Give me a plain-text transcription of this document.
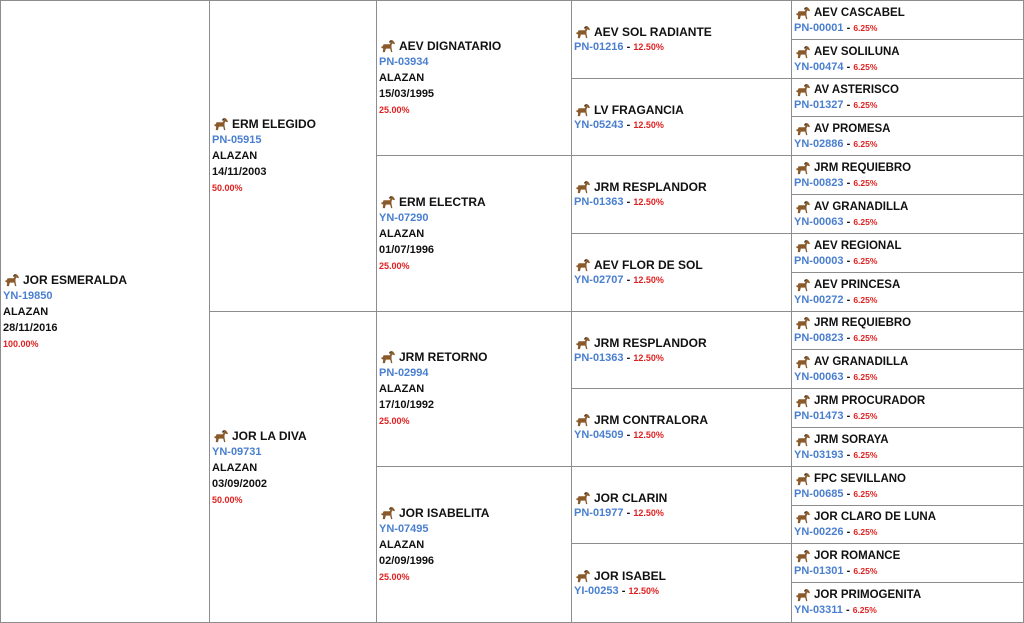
JOR ESMERALDA
YN-19850
ALAZAN
28/11/2016
100.00%
ERM ELEGIDO
PN-05915
ALAZAN
14/11/2003
50.00%
JOR LA DIVA
YN-09731
ALAZAN
03/09/2002
50.00%
AEV DIGNATARIO
PN-03934
ALAZAN
15/03/1995
25.00%
ERM ELECTRA
YN-07290
ALAZAN
01/07/1996
25.00%
JRM RETORNO
PN-02994
ALAZAN
17/10/1992
25.00%
JOR ISABELITA
YN-07495
ALAZAN
02/09/1996
25.00%
AEV SOL RADIANTE
PN-01216 - 12.50%
LV FRAGANCIA
YN-05243 - 12.50%
JRM RESPLANDOR
PN-01363 - 12.50%
AEV FLOR DE SOL
YN-02707 - 12.50%
JRM RESPLANDOR
PN-01363 - 12.50%
JRM CONTRALORA
YN-04509 - 12.50%
JOR CLARIN
PN-01977 - 12.50%
JOR ISABEL
YI-00253 - 12.50%
AEV CASCABEL
PN-00001 - 6.25%
AEV SOLILUNA
YN-00474 - 6.25%
AV ASTERISCO
PN-01327 - 6.25%
AV PROMESA
YN-02886 - 6.25%
JRM REQUIEBRO
PN-00823 - 6.25%
AV GRANADILLA
YN-00063 - 6.25%
AEV REGIONAL
PN-00003 - 6.25%
AEV PRINCESA
YN-00272 - 6.25%
JRM REQUIEBRO
PN-00823 - 6.25%
AV GRANADILLA
YN-00063 - 6.25%
JRM PROCURADOR
PN-01473 - 6.25%
JRM SORAYA
YN-03193 - 6.25%
FPC SEVILLANO
PN-00685 - 6.25%
JOR CLARO DE LUNA
YN-00226 - 6.25%
JOR ROMANCE
PN-01301 - 6.25%
JOR PRIMOGENITA
YN-03311 - 6.25%
